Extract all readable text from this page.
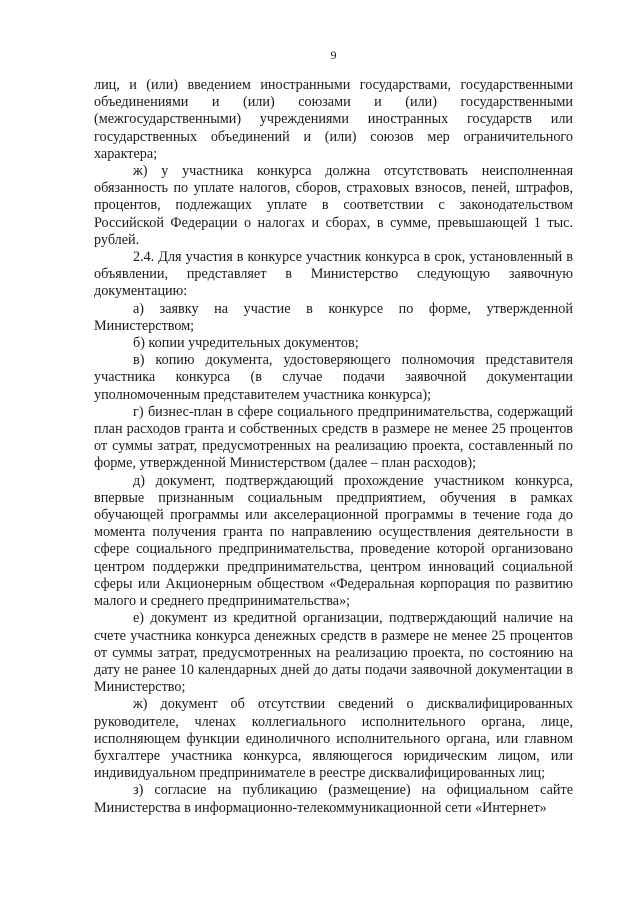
9

лиц, и (или) введением иностранными государствами, государственными объединениями и (или) союзами и (или) государственными (межгосударственными) учреждениями иностранных государств или государственных объединений и (или) союзов мер ограничительного характера;

ж) у участника конкурса должна отсутствовать неисполненная обязанность по уплате налогов, сборов, страховых взносов, пеней, штрафов, процентов, подлежащих уплате в соответствии с законодательством Российской Федерации о налогах и сборах, в сумме, превышающей 1 тыс. рублей.

2.4. Для участия в конкурсе участник конкурса в срок, установленный в объявлении, представляет в Министерство следующую заявочную документацию:

а) заявку на участие в конкурсе по форме, утвержденной Министерством;

б) копии учредительных документов;

в) копию документа, удостоверяющего полномочия представителя участника конкурса (в случае подачи заявочной документации уполномоченным представителем участника конкурса);

г) бизнес-план в сфере социального предпринимательства, содержащий план расходов гранта и собственных средств в размере не менее 25 процентов от суммы затрат, предусмотренных на реализацию проекта, составленный по форме, утвержденной Министерством (далее – план расходов);

д) документ, подтверждающий прохождение участником конкурса, впервые признанным социальным предприятием, обучения в рамках обучающей программы или акселерационной программы в течение года до момента получения гранта по направлению осуществления деятельности в сфере социального предпринимательства, проведение которой организовано центром поддержки предпринимательства, центром инноваций социальной сферы или Акционерным обществом «Федеральная корпорация по развитию малого и среднего предпринимательства»;

е) документ из кредитной организации, подтверждающий наличие на счете участника конкурса денежных средств в размере не менее 25 процентов от суммы затрат, предусмотренных на реализацию проекта, по состоянию на дату не ранее 10 календарных дней до даты подачи заявочной документации в Министерство;

ж) документ об отсутствии сведений о дисквалифицированных руководителе, членах коллегиального исполнительного органа, лице, исполняющем функции единоличного исполнительного органа, или главном бухгалтере участника конкурса, являющегося юридическим лицом, или индивидуальном предпринимателе в реестре дисквалифицированных лиц;

з) согласие на публикацию (размещение) на официальном сайте Министерства в информационно-телекоммуникационной сети «Интернет»
